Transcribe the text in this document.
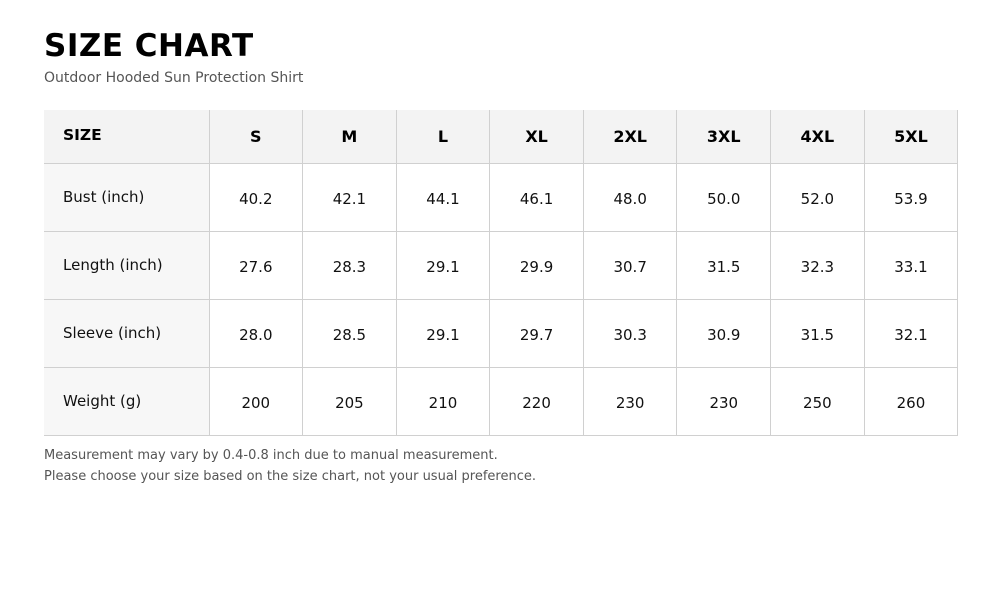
SIZE CHART
Outdoor Hooded Sun Protection Shirt
SIZE	S	M	L	XL	2XL	3XL	4XL	5XL
Bust (inch)	40.2	42.1	44.1	46.1	48.0	50.0	52.0	53.9
Length (inch)	27.6	28.3	29.1	29.9	30.7	31.5	32.3	33.1
Sleeve (inch)	28.0	28.5	29.1	29.7	30.3	30.9	31.5	32.1
Weight (g)	200	205	210	220	230	230	250	260
Measurement may vary by 0.4-0.8 inch due to manual measurement.
Please choose your size based on the size chart, not your usual preference.
